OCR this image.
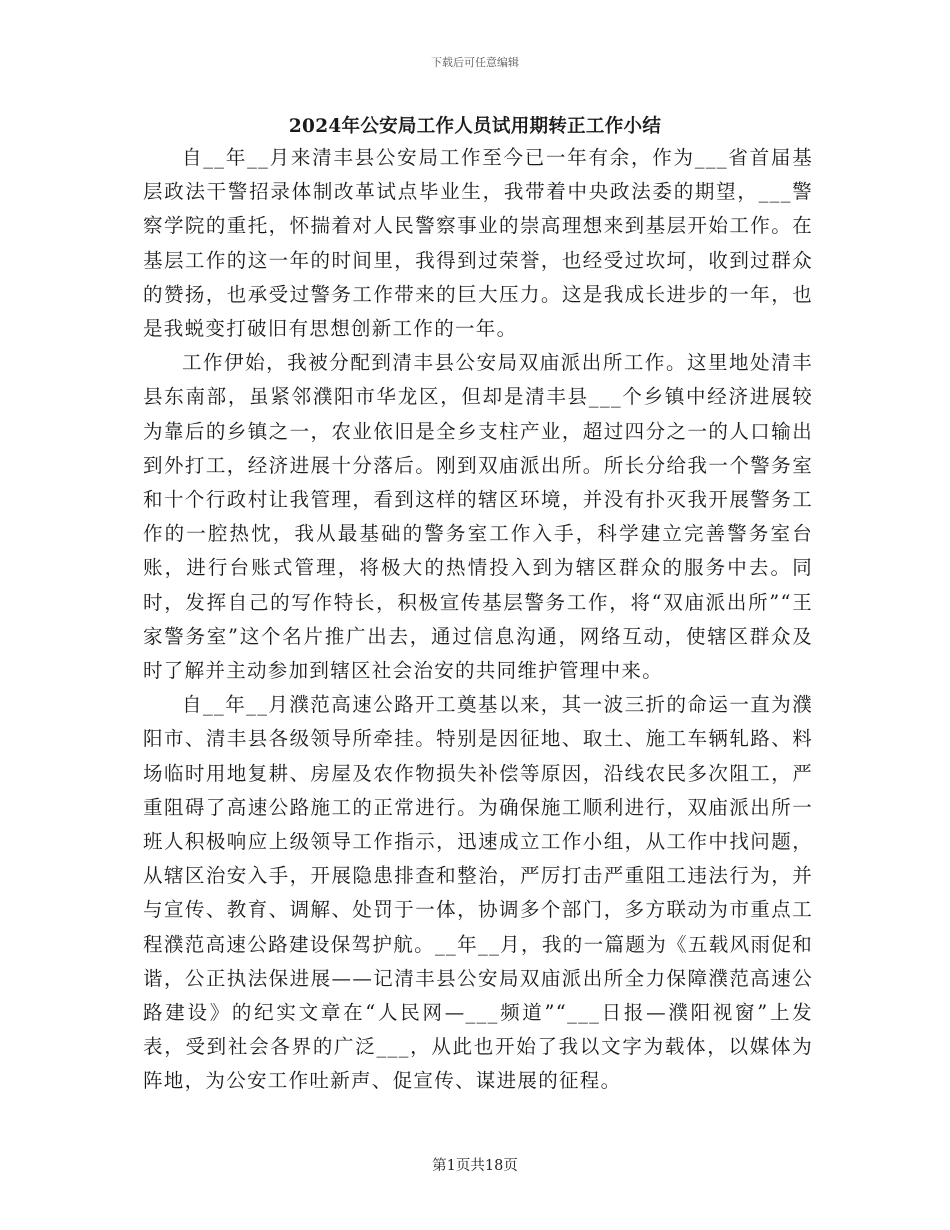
下载后可任意编辑
2024年公安局工作人员试用期转正工作小结

自__年__月来清丰县公安局工作至今已一年有余，作为___省首届基层政法干警招录体制改革试点毕业生，我带着中央政法委的期望，___警察学院的重托，怀揣着对人民警察事业的崇高理想来到基层开始工作。在基层工作的这一年的时间里，我得到过荣誉，也经受过坎坷，收到过群众的赞扬，也承受过警务工作带来的巨大压力。这是我成长进步的一年，也是我蜕变打破旧有思想创新工作的一年。

工作伊始，我被分配到清丰县公安局双庙派出所工作。这里地处清丰县东南部，虽紧邻濮阳市华龙区，但却是清丰县___个乡镇中经济进展较为靠后的乡镇之一，农业依旧是全乡支柱产业，超过四分之一的人口输出到外打工，经济进展十分落后。刚到双庙派出所。所长分给我一个警务室和十个行政村让我管理，看到这样的辖区环境，并没有扑灭我开展警务工作的一腔热忱，我从最基础的警务室工作入手，科学建立完善警务室台账，进行台账式管理，将极大的热情投入到为辖区群众的服务中去。同时，发挥自己的写作特长，积极宣传基层警务工作，将“双庙派出所”“王家警务室”这个名片推广出去，通过信息沟通，网络互动，使辖区群众及时了解并主动参加到辖区社会治安的共同维护管理中来。

自__年__月濮范高速公路开工奠基以来，其一波三折的命运一直为濮阳市、清丰县各级领导所牵挂。特别是因征地、取土、施工车辆轧路、料场临时用地复耕、房屋及农作物损失补偿等原因，沿线农民多次阻工，严重阻碍了高速公路施工的正常进行。为确保施工顺利进行，双庙派出所一班人积极响应上级领导工作指示，迅速成立工作小组，从工作中找问题，从辖区治安入手，开展隐患排查和整治，严厉打击严重阻工违法行为，并与宣传、教育、调解、处罚于一体，协调多个部门，多方联动为市重点工程濮范高速公路建设保驾护航。__年__月，我的一篇题为《五载风雨促和谐，公正执法保进展——记清丰县公安局双庙派出所全力保障濮范高速公路建设》的纪实文章在“人民网—___频道”“___日报—濮阳视窗”上发表，受到社会各界的广泛___，从此也开始了我以文字为载体，以媒体为阵地，为公安工作吐新声、促宣传、谋进展的征程。

第1页共18页
